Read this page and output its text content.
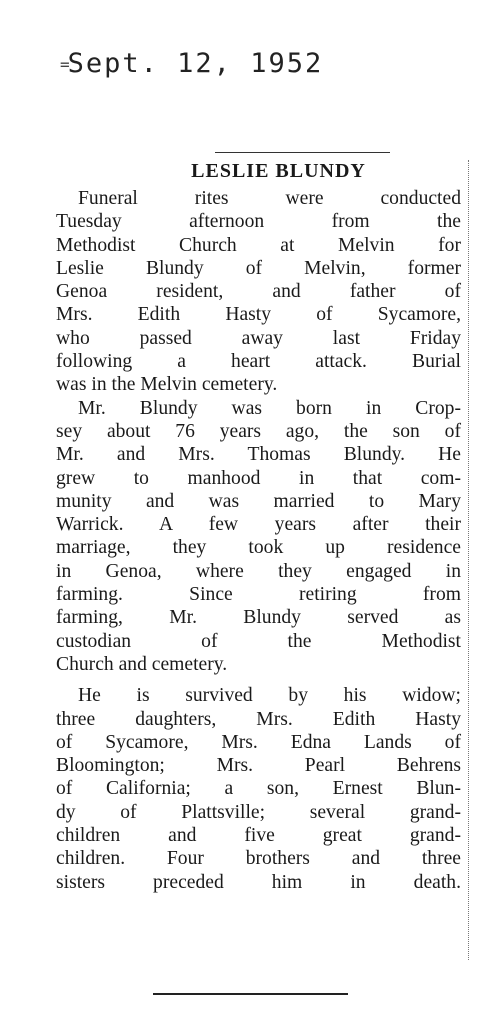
=Sept. 12, 1952
LESLIE BLUNDY
Funeral rites were conducted
Tuesday afternoon from the
Methodist Church at Melvin for
Leslie Blundy of Melvin, former
Genoa resident, and father of
Mrs. Edith Hasty of Sycamore,
who passed away last Friday
following a heart attack. Burial
was in the Melvin cemetery.
Mr. Blundy was born in Crop-
sey about 76 years ago, the son of
Mr. and Mrs. Thomas Blundy. He
grew to manhood in that com-
munity and was married to Mary
Warrick. A few years after their
marriage, they took up residence
in Genoa, where they engaged in
farming. Since retiring from
farming, Mr. Blundy served as
custodian of the Methodist
Church and cemetery.
He is survived by his widow;
three daughters, Mrs. Edith Hasty
of Sycamore, Mrs. Edna Lands of
Bloomington; Mrs. Pearl Behrens
of California; a son, Ernest Blun-
dy of Plattsville; several grand-
children and five great grand-
children. Four brothers and three
sisters preceded him in death.
